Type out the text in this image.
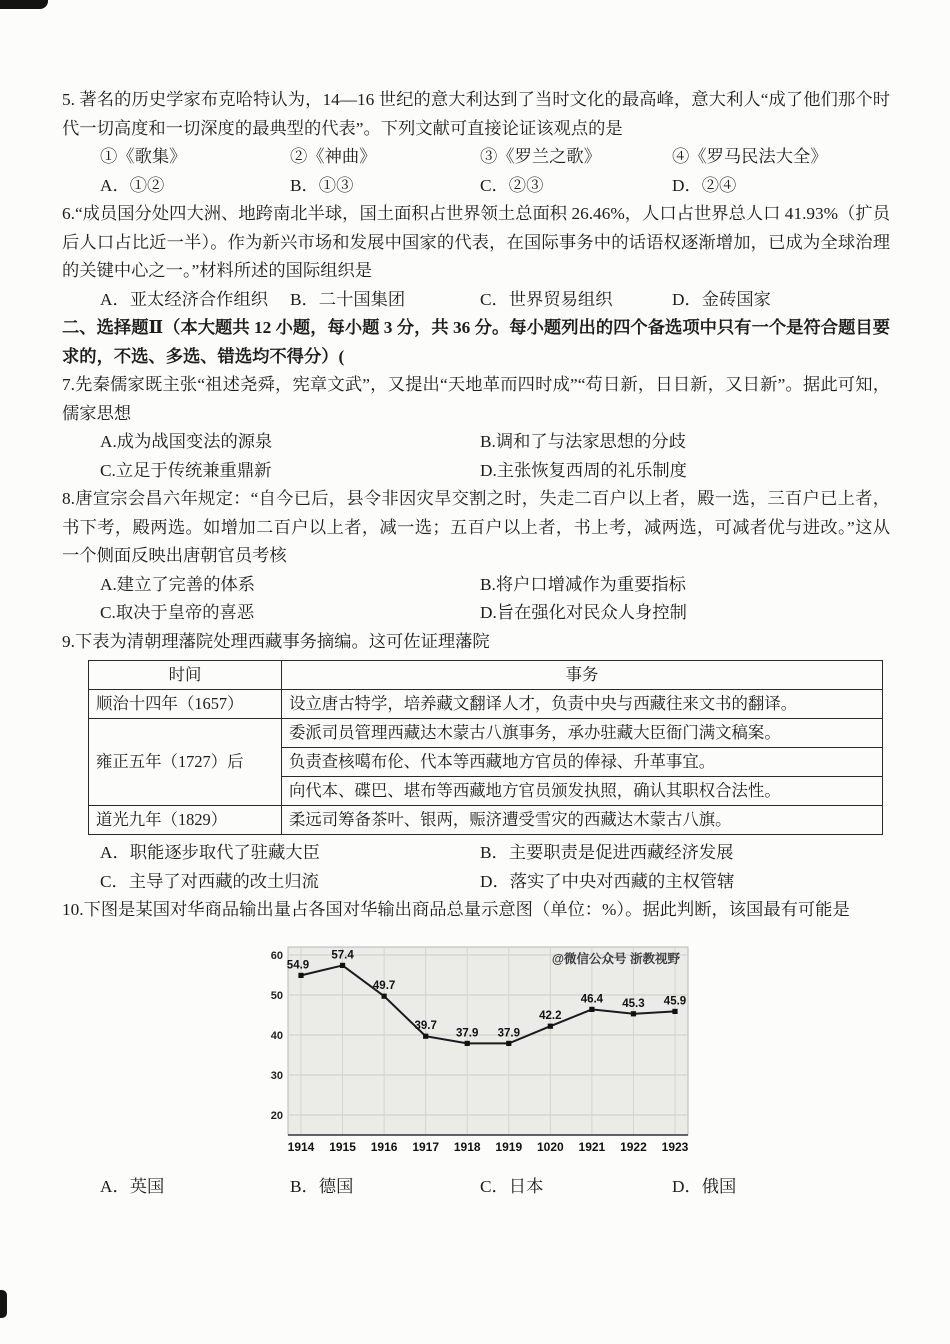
5. 著名的历史学家布克哈特认为，14—16 世纪的意大利达到了当时文化的最高峰，意大利人“成了他们那个时代一切高度和一切深度的最典型的代表”。下列文献可直接论证该观点的是

①《歌集》	②《神曲》	③《罗兰之歌》	④《罗马民法大全》
A．①②	B．①③	C．②③	D．②④

6.“成员国分处四大洲、地跨南北半球，国土面积占世界领土总面积 26.46%，人口占世界总人口 41.93%（扩员后人口占比近一半）。作为新兴市场和发展中国家的代表，在国际事务中的话语权逐渐增加，已成为全球治理的关键中心之一。”材料所述的国际组织是

A．亚太经济合作组织	B．二十国集团	C．世界贸易组织	D．金砖国家

二、选择题Ⅱ（本大题共 12 小题，每小题 3 分，共 36 分。每小题列出的四个备选项中只有一个是符合题目要求的，不选、多选、错选均不得分）(

7.先秦儒家既主张“祖述尧舜，宪章文武”，又提出“天地革而四时成”“苟日新，日日新，又日新”。据此可知，儒家思想

A.成为战国变法的源泉	B.调和了与法家思想的分歧
C.立足于传统兼重鼎新	D.主张恢复西周的礼乐制度

8.唐宣宗会昌六年规定：“自今已后，县令非因灾旱交割之时，失走二百户以上者，殿一选，三百户已上者，书下考，殿两选。如增加二百户以上者，减一选；五百户以上者，书上考，减两选，可减者优与进改。”这从一个侧面反映出唐朝官员考核

A.建立了完善的体系	B.将户口增减作为重要指标
C.取决于皇帝的喜恶	D.旨在强化对民众人身控制

9.下表为清朝理藩院处理西藏事务摘编。这可佐证理藩院

时间	事务
顺治十四年（1657）	设立唐古特学，培养藏文翻译人才，负责中央与西藏往来文书的翻译。
雍正五年（1727）后	委派司员管理西藏达木蒙古八旗事务，承办驻藏大臣衙门满文稿案。
	负责查核噶布伦、代本等西藏地方官员的俸禄、升革事宜。
	向代本、碟巴、堪布等西藏地方官员颁发执照，确认其职权合法性。
道光九年（1829）	柔远司筹备茶叶、银两，赈济遭受雪灾的西藏达木蒙古八旗。
A．职能逐步取代了驻藏大臣	B．主要职责是促进西藏经济发展
C．主导了对西藏的改土归流	D．落实了中央对西藏的主权管辖

10.下图是某国对华商品输出量占各国对华输出商品总量示意图（单位：%）。据此判断，该国最有可能是

20
30
40
50
60
1914 1915 1916 1917 1918 1919 1020 1921 1922 1923
54.9
57.4
49.7
39.7
37.9 37.9
42.2
46.4 45.3 45.9
@微信公众号 浙教视野
A．英国	B．德国	C．日本	D．俄国
